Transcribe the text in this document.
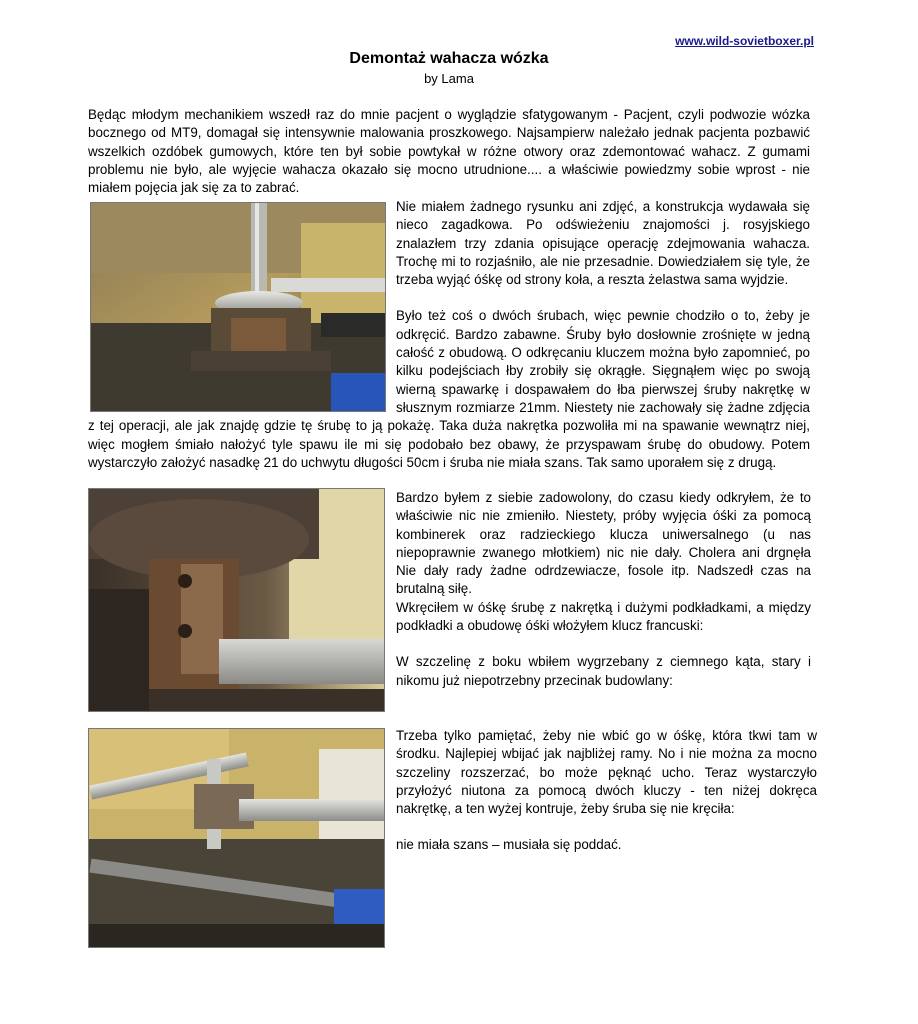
www.wild-sovietboxer.pl
Demontaż wahacza wózka
by Lama
Będąc młodym mechanikiem wszedł raz do mnie pacjent o wyglądzie sfatygowanym - Pacjent, czyli podwozie wózka bocznego od MT9, domagał się intensywnie malowania proszkowego. Najsampierw należało jednak pacjenta pozbawić wszelkich ozdóbek gumowych, które ten był sobie powtykał w różne otwory oraz zdemontować wahacz. Z gumami problemu nie było, ale wyjęcie wahacza okazało się mocno utrudnione.... a właściwie powiedzmy sobie wprost - nie miałem pojęcia jak się za to zabrać.

Nie miałem żadnego rysunku ani zdjęć, a konstrukcja wydawała się nieco zagadkowa. Po odświeżeniu znajomości j. rosyjskiego znalazłem trzy zdania opisujące operację zdejmowania wahacza. Trochę mi to rozjaśniło, ale nie przesadnie. Dowiedziałem się tyle, że trzeba wyjąć óśkę od strony koła, a reszta żelastwa sama wyjdzie.

Było też coś o dwóch śrubach, więc pewnie chodziło o to, żeby je odkręcić. Bardzo zabawne. Śruby było dosłownie zrośnięte w jedną całość z obudową. O odkręcaniu kluczem można było zapomnieć, po kilku podejściach łby zrobiły się okrągłe. Sięgnąłem więc po swoją wierną spawarkę i dospawałem do łba pierwszej śruby nakrętkę w słusznym rozmiarze 21mm. Niestety nie zachowały się żadne zdjęcia z tej operacji, ale jak znajdę gdzie tę śrubę to ją pokażę. Taka duża nakrętka pozwoliła mi na spawanie wewnątrz niej, więc mogłem śmiało nałożyć tyle spawu ile mi się podobało bez obawy, że przyspawam śrubę do obudowy. Potem wystarczyło założyć nasadkę 21 do uchwytu długości 50cm i śruba nie miała szans. Tak samo uporałem się z drugą.

Bardzo byłem z siebie zadowolony, do czasu kiedy odkryłem, że to właściwie nic nie zmieniło. Niestety, próby wyjęcia óśki za pomocą kombinerek oraz radzieckiego klucza uniwersalnego (u nas niepoprawnie zwanego młotkiem) nic nie dały. Cholera ani drgnęła Nie dały rady żadne odrdzewiacze, fosole itp. Nadszedł czas na brutalną siłę.

Wkręciłem w óśkę śrubę z nakrętką i dużymi podkładkami, a między podkładki a obudowę óśki włożyłem klucz francuski:

W szczelinę z boku wbiłem wygrzebany z ciemnego kąta, stary i nikomu już niepotrzebny przecinak budowlany:

Trzeba tylko pamiętać, żeby nie wbić go w óśkę, która tkwi tam w środku. Najlepiej wbijać jak najbliżej ramy. No i nie można za mocno szczeliny rozszerzać, bo może pęknąć ucho. Teraz wystarczyło przyłożyć niutona za pomocą dwóch kluczy - ten niżej dokręca nakrętkę, a ten wyżej kontruje, żeby śruba się nie kręciła:

nie miała szans – musiała się poddać.
